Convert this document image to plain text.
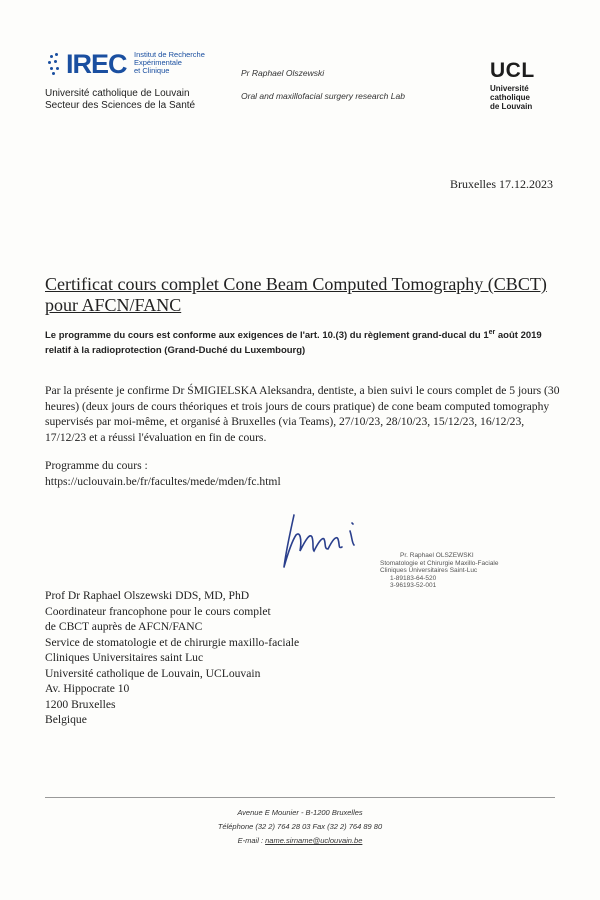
IREC Institut de Recherche
Expérimentale
et Clinique
Université catholique de Louvain
Secteur des Sciences de la Santé
Pr Raphael Olszewski
Oral and maxillofacial surgery research Lab
UCL
Université
catholique
de Louvain
Bruxelles 17.12.2023
Certificat cours complet Cone Beam Computed Tomography (CBCT) pour AFCN/FANC
Le programme du cours est conforme aux exigences de l'art. 10.(3) du règlement grand-ducal du 1er août 2019 relatif à la radioprotection (Grand-Duché du Luxembourg)
Par la présente je confirme Dr ŚMIGIELSKA Aleksandra, dentiste, a bien suivi le cours complet de 5 jours (30 heures) (deux jours de cours théoriques et trois jours de cours pratique) de cone beam computed tomography supervisés par moi-même, et organisé à Bruxelles (via Teams), 27/10/23, 28/10/23, 15/12/23, 16/12/23, 17/12/23 et a réussi l'évaluation en fin de cours.
Programme du cours :
https://uclouvain.be/fr/facultes/mede/mden/fc.html
Pr. Raphael OLSZEWSKI
Stomatologie et Chirurgie Maxillo-Faciale
Cliniques Universitaires Saint-Luc
1-89183-64-520
3-96193-52-001
Prof Dr Raphael Olszewski DDS, MD, PhD
Coordinateur francophone pour le cours complet
de CBCT auprès de AFCN/FANC
Service de stomatologie et de chirurgie maxillo-faciale
Cliniques Universitaires saint Luc
Université catholique de Louvain, UCLouvain
Av. Hippocrate 10
1200 Bruxelles
Belgique
Avenue E Mounier - B-1200 Bruxelles
Téléphone (32 2) 764 28 03 Fax (32 2) 764 89 80
E-mail : name.sirname@uclouvain.be
